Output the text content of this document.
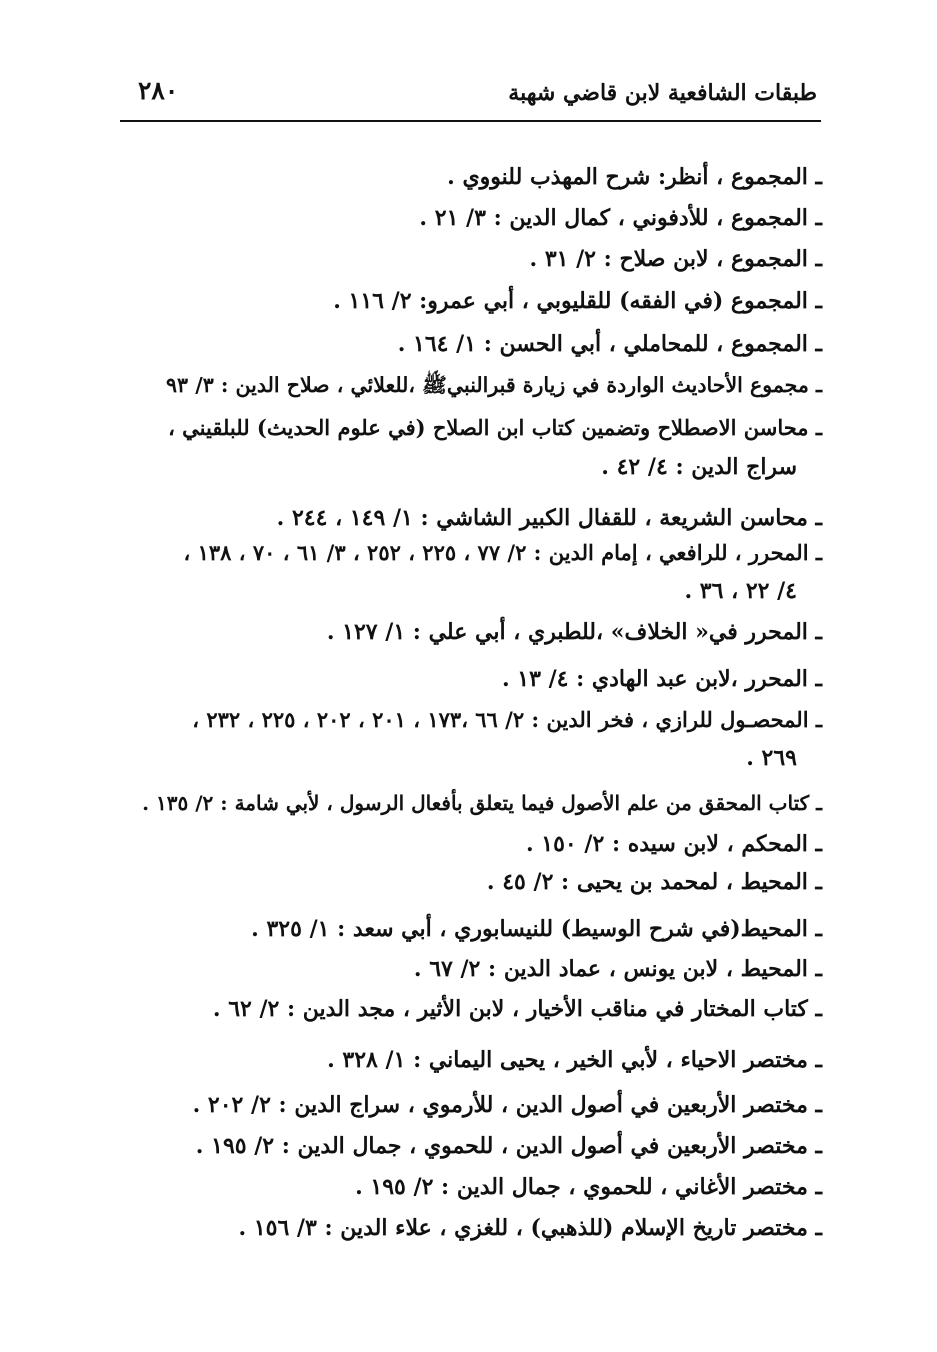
٢٨٠	طبقات الشافعية لابن قاضي شهبة
ـ المجموع ، أنظر: شرح المهذب للنووي .
ـ المجموع ، للأدفوني ، كمال الدين : ٣/ ٢١ .
ـ المجموع ، لابن صلاح : ٢/ ٣١ .
ـ المجموع (في الفقه) للقليوبي ، أبي عمرو: ٢/ ١١٦ .
ـ المجموع ، للمحاملي ، أبي الحسن : ١/ ١٦٤ .
ـ مجموع الأحاديث الواردة في زيارة قبرالنبيﷺ ،للعلائي ، صلاح الدين : ٣/ ٩٣
ـ محاسن الاصطلاح وتضمين كتاب ابن الصلاح (في علوم الحديث) للبلقيني ،
سراج الدين : ٤/ ٤٢ .
ـ محاسن الشريعة ، للقفال الكبير الشاشي : ١/ ١٤٩ ، ٢٤٤ .
ـ المحرر ، للرافعي ، إمام الدين : ٢/ ٧٧ ، ٢٢٥ ، ٢٥٢ ، ٣/ ٦١ ، ٧٠ ، ١٣٨ ،
٤/ ٢٢ ، ٣٦ .
ـ المحرر في« الخلاف» ،للطبري ، أبي علي : ١/ ١٢٧ .
ـ المحرر ،لابن عبد الهادي : ٤/ ١٣ .
ـ المحصـول للرازي ، فخر الدين : ٢/ ٦٦ ،١٧٣ ، ٢٠١ ، ٢٠٢ ، ٢٢٥ ، ٢٣٢ ،
٢٦٩ .
ـ كتاب المحقق من علم الأصول فيما يتعلق بأفعال الرسول ، لأبي شامة : ٢/ ١٣٥ .
ـ المحكم ، لابن سيده : ٢/ ١٥٠ .
ـ المحيط ، لمحمد بن يحيى : ٢/ ٤٥ .
ـ المحيط(في شرح الوسيط) للنيسابوري ، أبي سعد : ١/ ٣٢٥ .
ـ المحيط ، لابن يونس ، عماد الدين : ٢/ ٦٧ .
ـ كتاب المختار في مناقب الأخيار ، لابن الأثير ، مجد الدين : ٢/ ٦٢ .
ـ مختصر الاحياء ، لأبي الخير ، يحيى اليماني : ١/ ٣٢٨ .
ـ مختصر الأربعين في أصول الدين ، للأرموي ، سراج الدين : ٢/ ٢٠٢ .
ـ مختصر الأربعين في أصول الدين ، للحموي ، جمال الدين : ٢/ ١٩٥ .
ـ مختصر الأغاني ، للحموي ، جمال الدين : ٢/ ١٩٥ .
ـ مختصر تاريخ الإسلام (للذهبي) ، للغزي ، علاء الدين : ٣/ ١٥٦ .
